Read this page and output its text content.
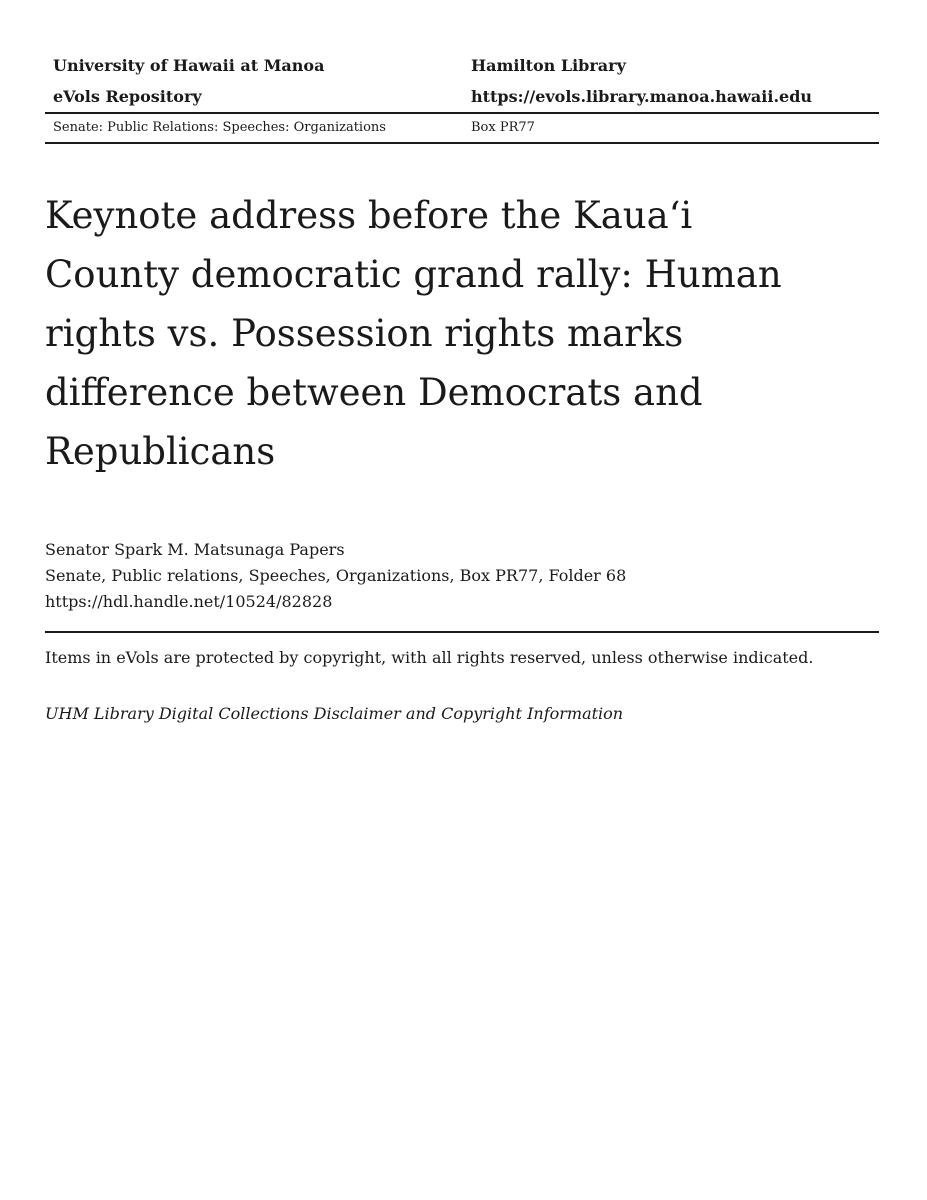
University of Hawaii at Manoa	Hamilton Library
eVols Repository	https://evols.library.manoa.hawaii.edu
Senate: Public Relations: Speeches: Organizations	Box PR77
Keynote address before the Kauaʻi County democratic grand rally: Human rights vs. Possession rights marks difference between Democrats and Republicans
Senator Spark M. Matsunaga Papers
Senate, Public relations, Speeches, Organizations, Box PR77, Folder 68
https://hdl.handle.net/10524/82828
Items in eVols are protected by copyright, with all rights reserved, unless otherwise indicated.
UHM Library Digital Collections Disclaimer and Copyright Information
